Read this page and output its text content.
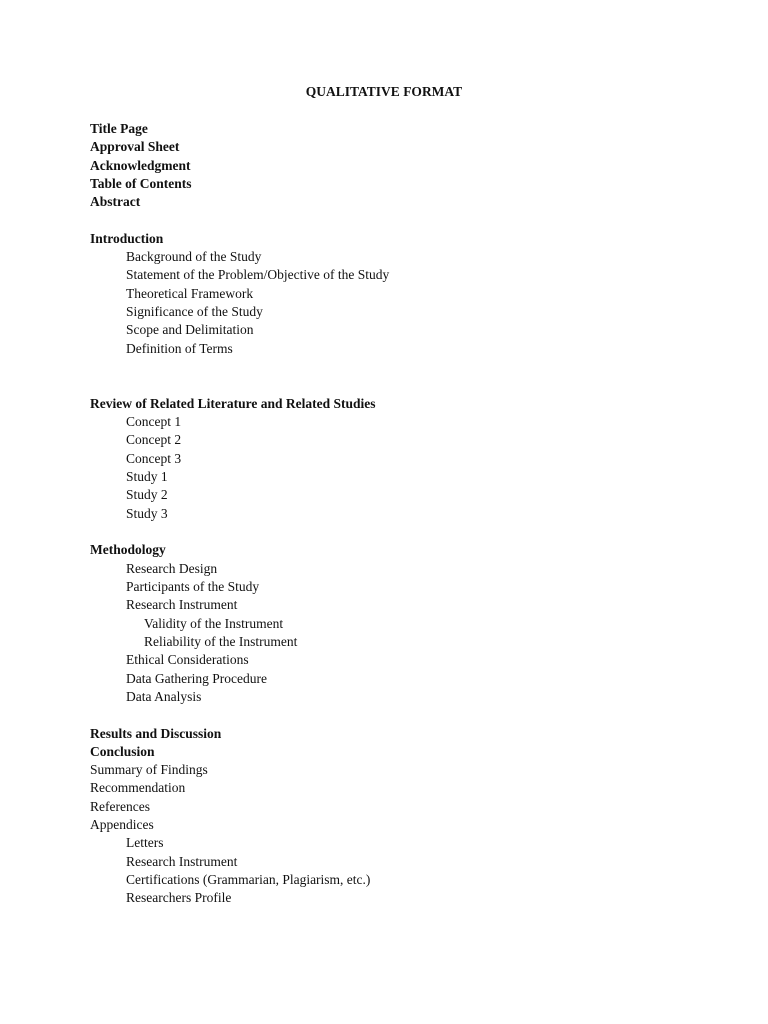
QUALITATIVE FORMAT
Title Page
Approval Sheet
Acknowledgment
Table of Contents
Abstract
Introduction
Background of the Study
Statement of the Problem/Objective of the Study
Theoretical Framework
Significance of the Study
Scope and Delimitation
Definition of Terms
Review of Related Literature and Related Studies
Concept 1
Concept 2
Concept 3
Study 1
Study 2
Study 3
Methodology
Research Design
Participants of the Study
Research Instrument
Validity of the Instrument
Reliability of the Instrument
Ethical Considerations
Data Gathering Procedure
Data Analysis
Results and Discussion
Conclusion
Summary of Findings
Recommendation
References
Appendices
Letters
Research Instrument
Certifications (Grammarian, Plagiarism, etc.)
Researchers Profile
